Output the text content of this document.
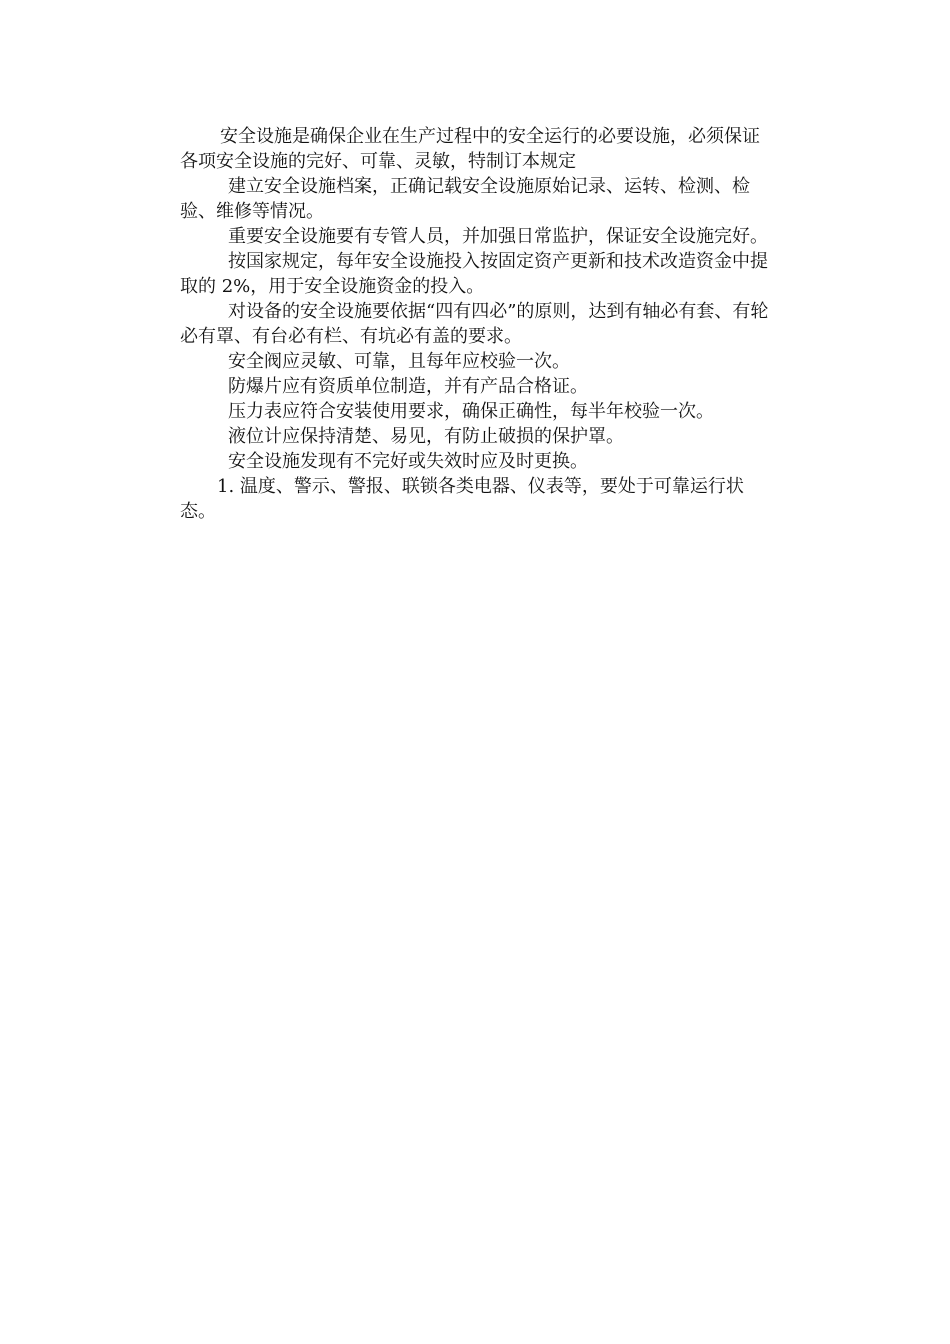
安全设施是确保企业在生产过程中的安全运行的必要设施，必须保证各项安全设施的完好、可靠、灵敏，特制订本规定

建立安全设施档案，正确记载安全设施原始记录、运转、检测、检验、维修等情况。

重要安全设施要有专管人员，并加强日常监护，保证安全设施完好。

按国家规定，每年安全设施投入按固定资产更新和技术改造资金中提取的 2%，用于安全设施资金的投入。

对设备的安全设施要依据“四有四必”的原则，达到有轴必有套、有轮必有罩、有台必有栏、有坑必有盖的要求。

安全阀应灵敏、可靠，且每年应校验一次。

防爆片应有资质单位制造，并有产品合格证。

压力表应符合安装使用要求，确保正确性，每半年校验一次。

液位计应保持清楚、易见，有防止破损的保护罩。

安全设施发现有不完好或失效时应及时更换。

1. 温度、警示、警报、联锁各类电器、仪表等，要处于可靠运行状态。
